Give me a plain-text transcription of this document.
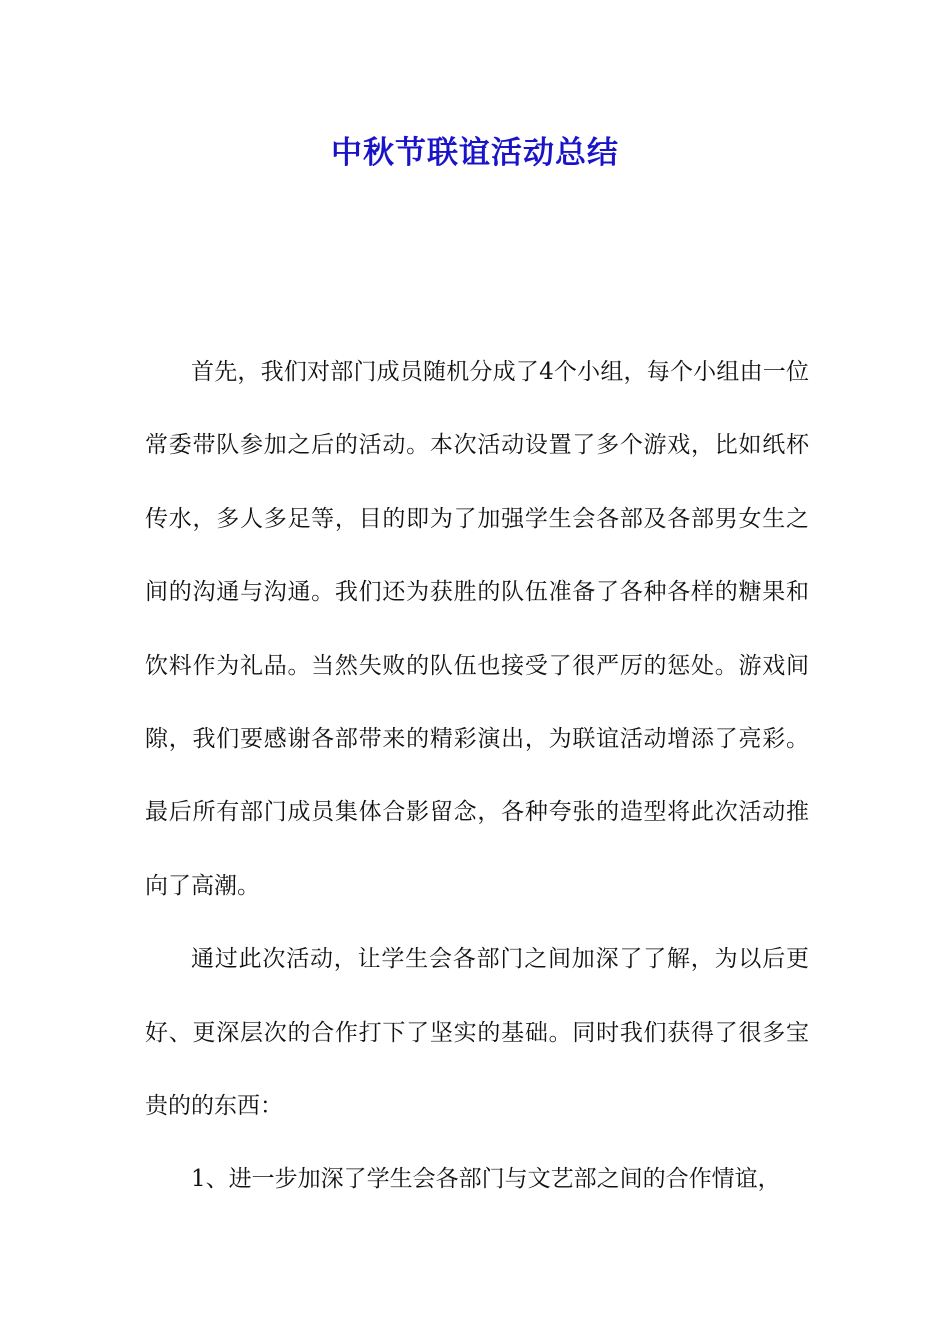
中秋节联谊活动总结

首先，我们对部门成员随机分成了4个小组，每个小组由一位常委带队参加之后的活动。本次活动设置了多个游戏，比如纸杯传水，多人多足等，目的即为了加强学生会各部及各部男女生之间的沟通与沟通。我们还为获胜的队伍准备了各种各样的糖果和饮料作为礼品。当然失败的队伍也接受了很严厉的惩处。游戏间隙，我们要感谢各部带来的精彩演出，为联谊活动增添了亮彩。最后所有部门成员集体合影留念，各种夸张的造型将此次活动推向了高潮。

通过此次活动，让学生会各部门之间加深了了解，为以后更好、更深层次的合作打下了坚实的基础。同时我们获得了很多宝贵的的东西：

1、进一步加深了学生会各部门与文艺部之间的合作情谊，
